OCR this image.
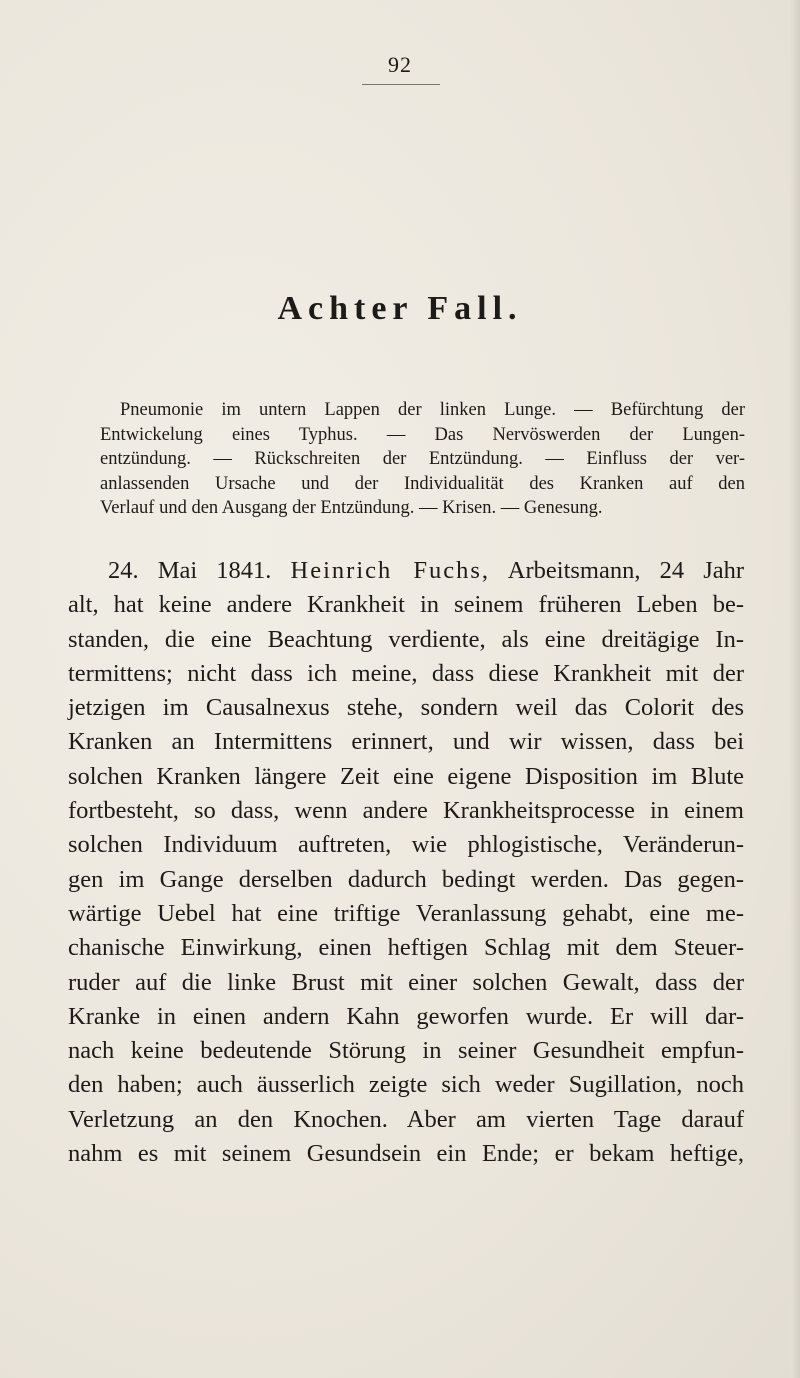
92
Achter Fall.
Pneumonie im untern Lappen der linken Lunge. — Befürchtung der
Entwickelung eines Typhus. — Das Nervöswerden der Lungen-
entzündung. — Rückschreiten der Entzündung. — Einfluss der ver-
anlassenden Ursache und der Individualität des Kranken auf den
Verlauf und den Ausgang der Entzündung. — Krisen. — Genesung.
24. Mai 1841. Heinrich Fuchs, Arbeitsmann, 24 Jahr
alt, hat keine andere Krankheit in seinem früheren Leben be-
standen, die eine Beachtung verdiente, als eine dreitägige In-
termittens; nicht dass ich meine, dass diese Krankheit mit der
jetzigen im Causalnexus stehe, sondern weil das Colorit des
Kranken an Intermittens erinnert, und wir wissen, dass bei
solchen Kranken längere Zeit eine eigene Disposition im Blute
fortbesteht, so dass, wenn andere Krankheitsprocesse in einem
solchen Individuum auftreten, wie phlogistische, Veränderun-
gen im Gange derselben dadurch bedingt werden. Das gegen-
wärtige Uebel hat eine triftige Veranlassung gehabt, eine me-
chanische Einwirkung, einen heftigen Schlag mit dem Steuer-
ruder auf die linke Brust mit einer solchen Gewalt, dass der
Kranke in einen andern Kahn geworfen wurde. Er will dar-
nach keine bedeutende Störung in seiner Gesundheit empfun-
den haben; auch äusserlich zeigte sich weder Sugillation, noch
Verletzung an den Knochen. Aber am vierten Tage darauf
nahm es mit seinem Gesundsein ein Ende; er bekam heftige,
